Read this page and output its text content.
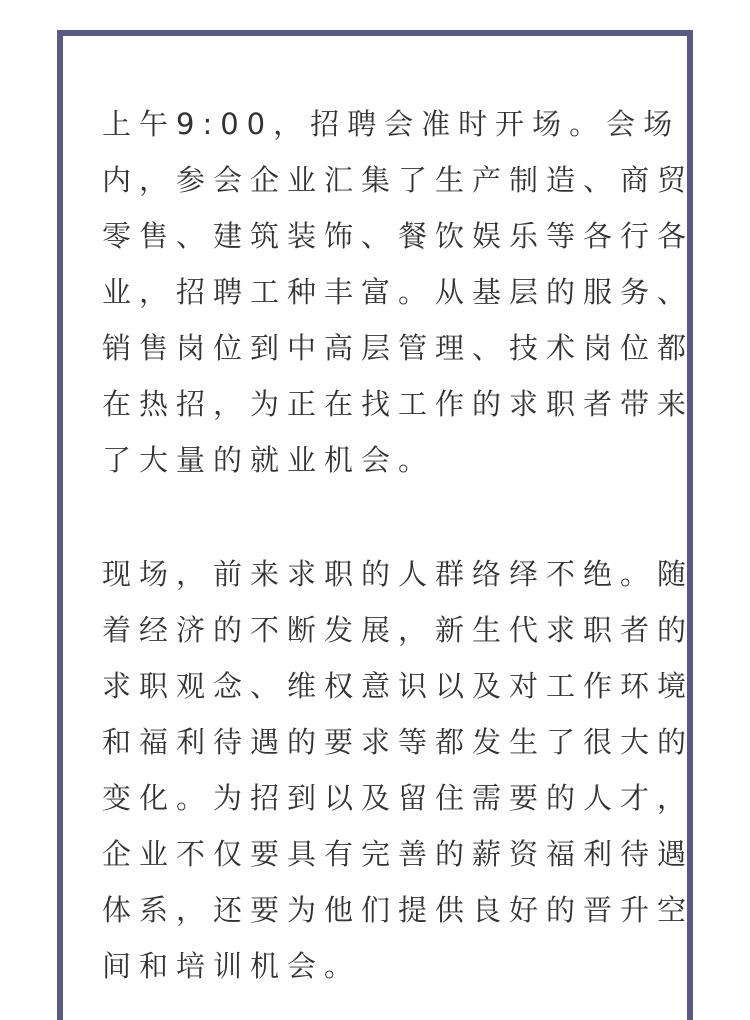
上午9:00，招聘会准时开场。会场
内，参会企业汇集了生产制造、商贸
零售、建筑装饰、餐饮娱乐等各行各
业，招聘工种丰富。从基层的服务、
销售岗位到中高层管理、技术岗位都
在热招，为正在找工作的求职者带来
了大量的就业机会。
现场，前来求职的人群络绎不绝。随
着经济的不断发展，新生代求职者的
求职观念、维权意识以及对工作环境
和福利待遇的要求等都发生了很大的
变化。为招到以及留住需要的人才，
企业不仅要具有完善的薪资福利待遇
体系，还要为他们提供良好的晋升空
间和培训机会。
